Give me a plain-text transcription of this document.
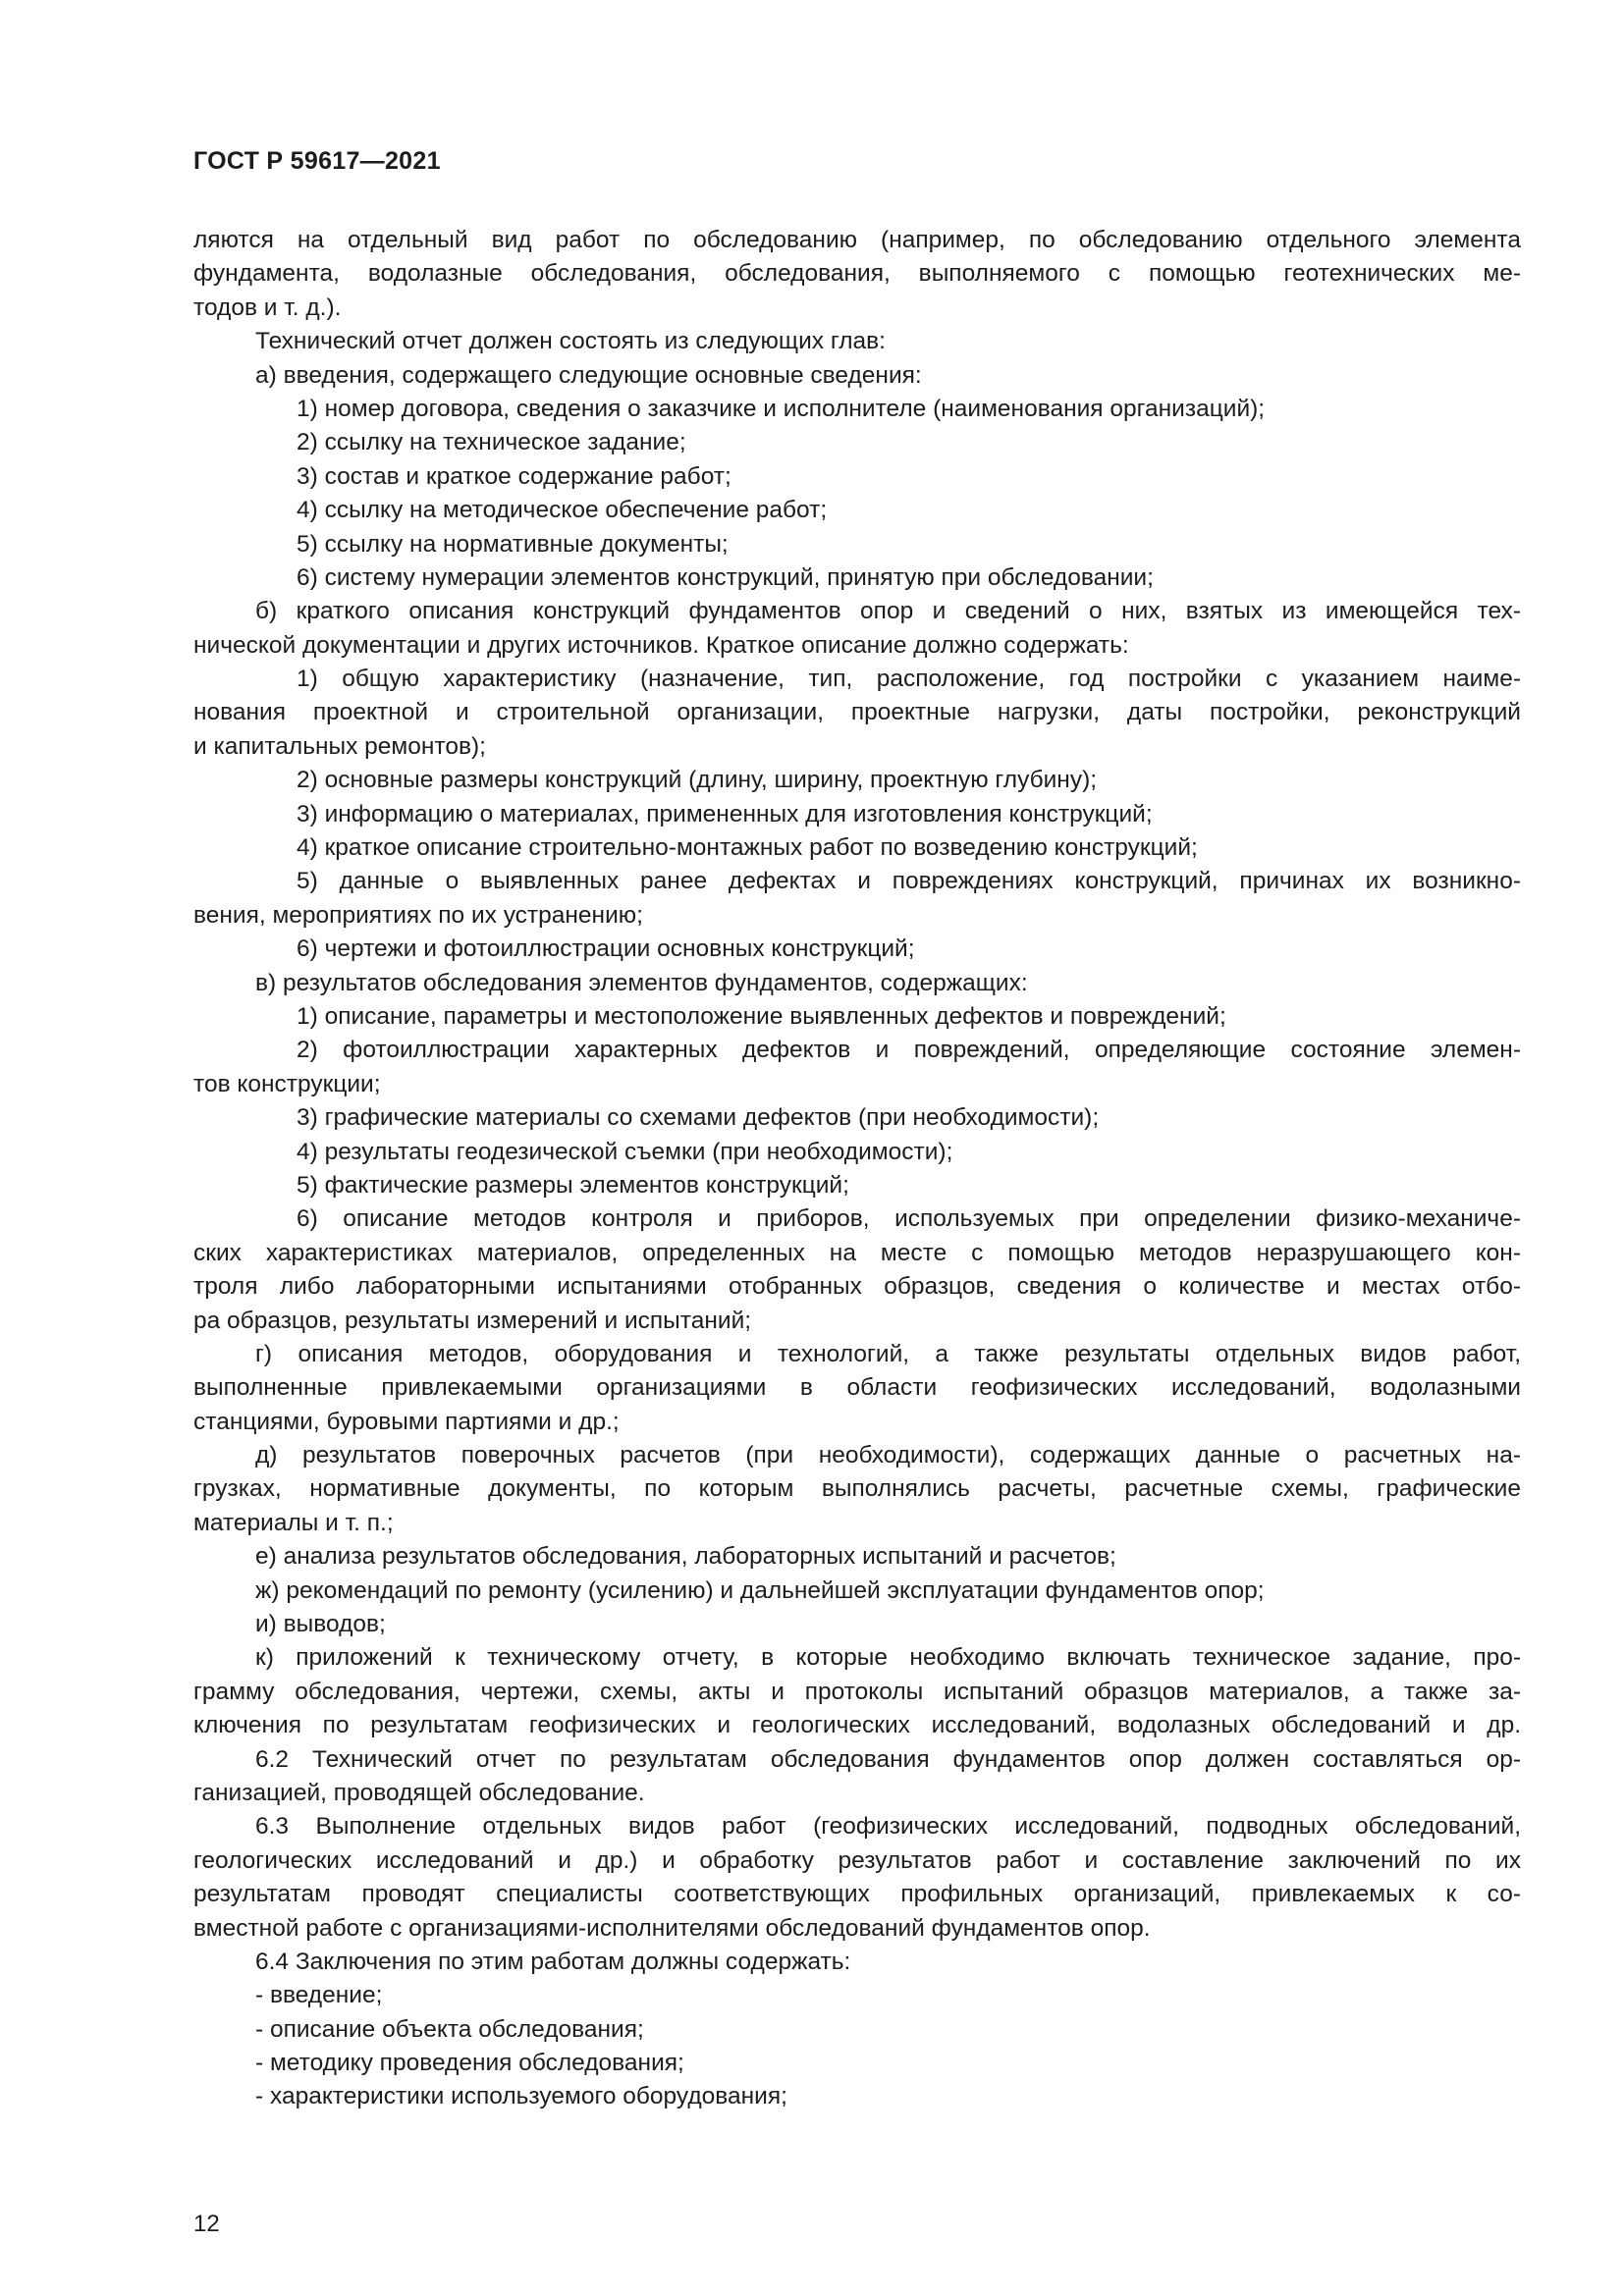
ГОСТ Р 59617—2021
ляются на отдельный вид работ по обследованию (например, по обследованию отдельного элемента
фундамента, водолазные обследования, обследования, выполняемого с помощью геотехнических ме-
тодов и т. д.).
Технический отчет должен состоять из следующих глав:
а) введения, содержащего следующие основные сведения:
1) номер договора, сведения о заказчике и исполнителе (наименования организаций);
2) ссылку на техническое задание;
3) состав и краткое содержание работ;
4) ссылку на методическое обеспечение работ;
5) ссылку на нормативные документы;
6) систему нумерации элементов конструкций, принятую при обследовании;
б) краткого описания конструкций фундаментов опор и сведений о них, взятых из имеющейся тех-
нической документации и других источников. Краткое описание должно содержать:
1) общую характеристику (назначение, тип, расположение, год постройки с указанием наиме-
нования проектной и строительной организации, проектные нагрузки, даты постройки, реконструкций
и капитальных ремонтов);
2) основные размеры конструкций (длину, ширину, проектную глубину);
3) информацию о материалах, примененных для изготовления конструкций;
4) краткое описание строительно-монтажных работ по возведению конструкций;
5) данные о выявленных ранее дефектах и повреждениях конструкций, причинах их возникно-
вения, мероприятиях по их устранению;
6) чертежи и фотоиллюстрации основных конструкций;
в) результатов обследования элементов фундаментов, содержащих:
1) описание, параметры и местоположение выявленных дефектов и повреждений;
2) фотоиллюстрации характерных дефектов и повреждений, определяющие состояние элемен-
тов конструкции;
3) графические материалы со схемами дефектов (при необходимости);
4) результаты геодезической съемки (при необходимости);
5) фактические размеры элементов конструкций;
6) описание методов контроля и приборов, используемых при определении физико-механиче-
ских характеристиках материалов, определенных на месте с помощью методов неразрушающего кон-
троля либо лабораторными испытаниями отобранных образцов, сведения о количестве и местах отбо-
ра образцов, результаты измерений и испытаний;
г) описания методов, оборудования и технологий, а также результаты отдельных видов работ,
выполненные привлекаемыми организациями в области геофизических исследований, водолазными
станциями, буровыми партиями и др.;
д) результатов поверочных расчетов (при необходимости), содержащих данные о расчетных на-
грузках, нормативные документы, по которым выполнялись расчеты, расчетные схемы, графические
материалы и т. п.;
е) анализа результатов обследования, лабораторных испытаний и расчетов;
ж) рекомендаций по ремонту (усилению) и дальнейшей эксплуатации фундаментов опор;
и) выводов;
к) приложений к техническому отчету, в которые необходимо включать техническое задание, про-
грамму обследования, чертежи, схемы, акты и протоколы испытаний образцов материалов, а также за-
ключения по результатам геофизических и геологических исследований, водолазных обследований и др.
6.2 Технический отчет по результатам обследования фундаментов опор должен составляться ор-
ганизацией, проводящей обследование.
6.3 Выполнение отдельных видов работ (геофизических исследований, подводных обследований,
геологических исследований и др.) и обработку результатов работ и составление заключений по их
результатам проводят специалисты соответствующих профильных организаций, привлекаемых к со-
вместной работе с организациями-исполнителями обследований фундаментов опор.
6.4 Заключения по этим работам должны содержать:
- введение;
- описание объекта обследования;
- методику проведения обследования;
- характеристики используемого оборудования;
12
